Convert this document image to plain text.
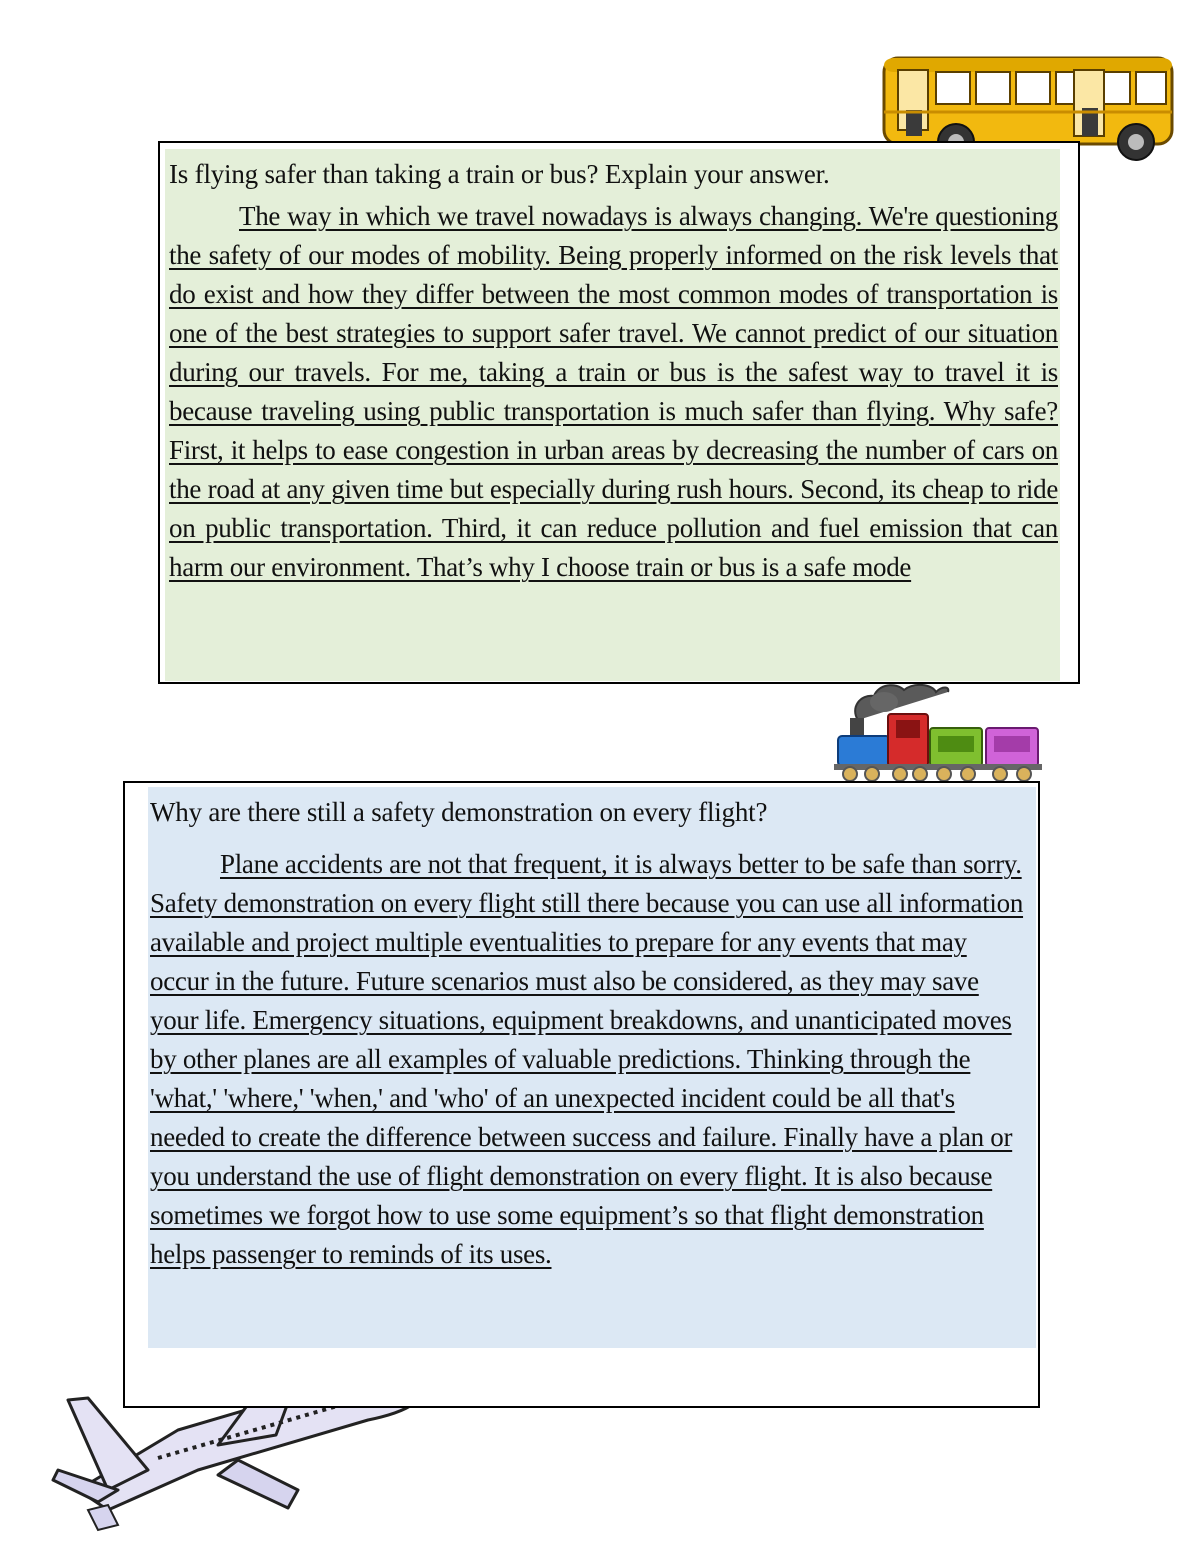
Is flying safer than taking a train or bus? Explain your answer.

The way in which we travel nowadays is always changing. We're questioning the safety of our modes of mobility. Being properly informed on the risk levels that do exist and how they differ between the most common modes of transportation is one of the best strategies to support safer travel. We cannot predict of our situation during our travels. For me, taking a train or bus is the safest way to travel it is because traveling using public transportation is much safer than flying. Why safe? First, it helps to ease congestion in urban areas by decreasing the number of cars on the road at any given time but especially during rush hours. Second, its cheap to ride on public transportation. Third, it can reduce pollution and fuel emission that can harm our environment. That’s why I choose train or bus is a safe mode

Why are there still a safety demonstration on every flight?

Plane accidents are not that frequent, it is always better to be safe than sorry. Safety demonstration on every flight still there because you can use all information available and project multiple eventualities to prepare for any events that may occur in the future. Future scenarios must also be considered, as they may save your life. Emergency situations, equipment breakdowns, and unanticipated moves by other planes are all examples of valuable predictions. Thinking through the 'what,' 'where,' 'when,' and 'who' of an unexpected incident could be all that's needed to create the difference between success and failure. Finally have a plan or you understand the use of flight demonstration on every flight. It is also because sometimes we forgot how to use some equipment’s so that flight demonstration helps passenger to reminds of its uses.
